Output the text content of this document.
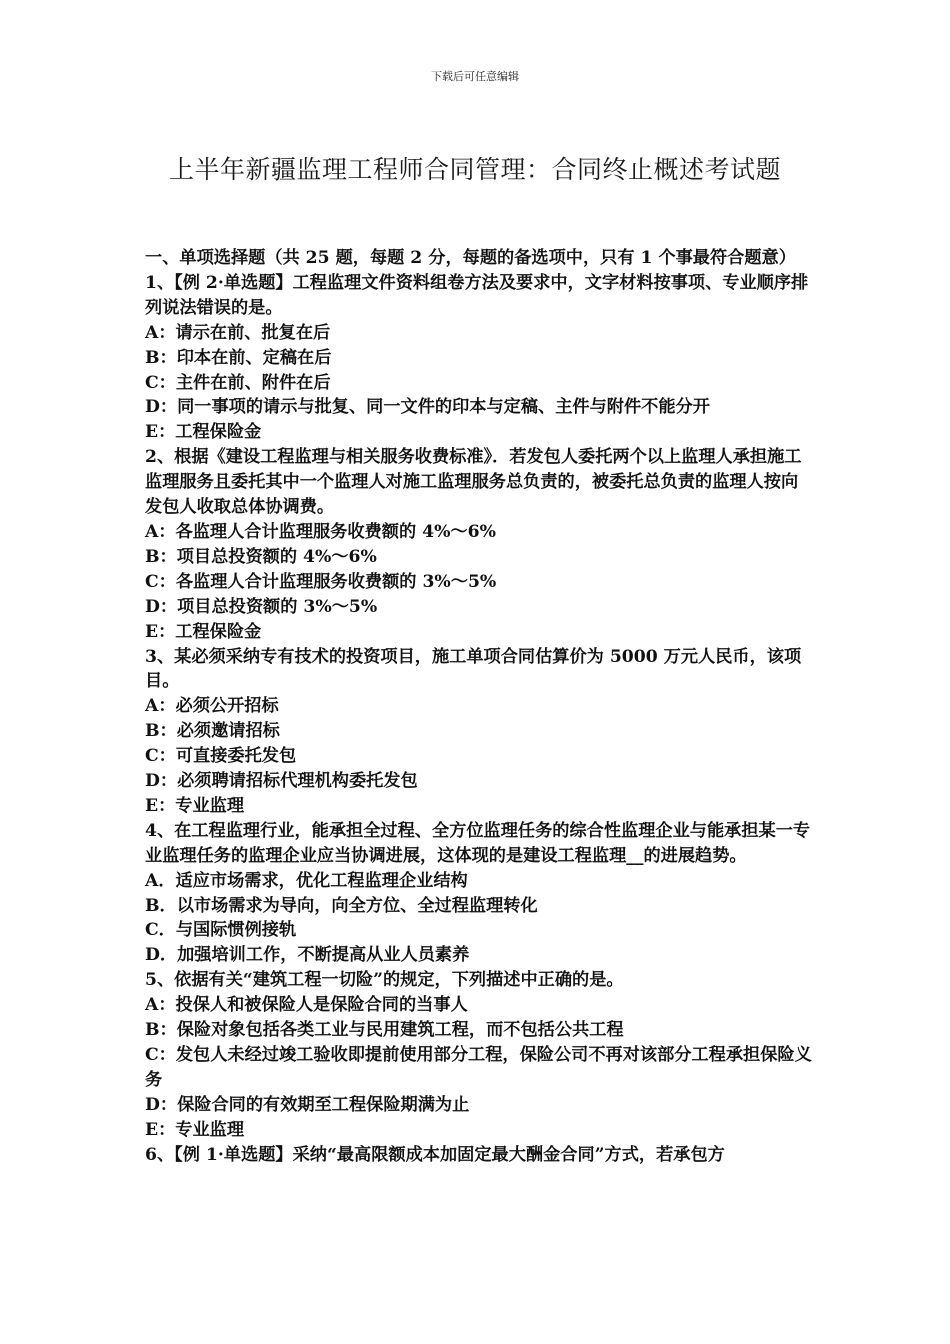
下载后可任意编辑
上半年新疆监理工程师合同管理：合同终止概述考试题

一、单项选择题（共 25 题，每题 2 分，每题的备选项中，只有 1 个事最符合题意）

1、【例 2·单选题】工程监理文件资料组卷方法及要求中，文字材料按事项、专业顺序排列说法错误的是。

A：请示在前、批复在后

B：印本在前、定稿在后

C：主件在前、附件在后

D：同一事项的请示与批复、同一文件的印本与定稿、主件与附件不能分开

E：工程保险金

2、根据《建设工程监理与相关服务收费标准》．若发包人委托两个以上监理人承担施工监理服务且委托其中一个监理人对施工监理服务总负责的，被委托总负责的监理人按向发包人收取总体协调费。

A：各监理人合计监理服务收费额的 4%～6%

B：项目总投资额的 4%～6%

C：各监理人合计监理服务收费额的 3%～5%

D：项目总投资额的 3%～5%

E：工程保险金

3、某必须采纳专有技术的投资项目，施工单项合同估算价为 5000 万元人民币，该项目。

A：必须公开招标

B：必须邀请招标

C：可直接委托发包

D：必须聘请招标代理机构委托发包

E：专业监理

4、在工程监理行业，能承担全过程、全方位监理任务的综合性监理企业与能承担某一专业监理任务的监理企业应当协调进展，这体现的是建设工程监理__的进展趋势。

A．适应市场需求，优化工程监理企业结构

B．以市场需求为导向，向全方位、全过程监理转化

C．与国际惯例接轨

D．加强培训工作，不断提高从业人员素养

5、依据有关“建筑工程一切险”的规定，下列描述中正确的是。

A：投保人和被保险人是保险合同的当事人

B：保险对象包括各类工业与民用建筑工程，而不包括公共工程

C：发包人未经过竣工验收即提前使用部分工程，保险公司不再对该部分工程承担保险义务

D：保险合同的有效期至工程保险期满为止

E：专业监理

6、【例 1·单选题】采纳“最高限额成本加固定最大酬金合同”方式，若承包方
